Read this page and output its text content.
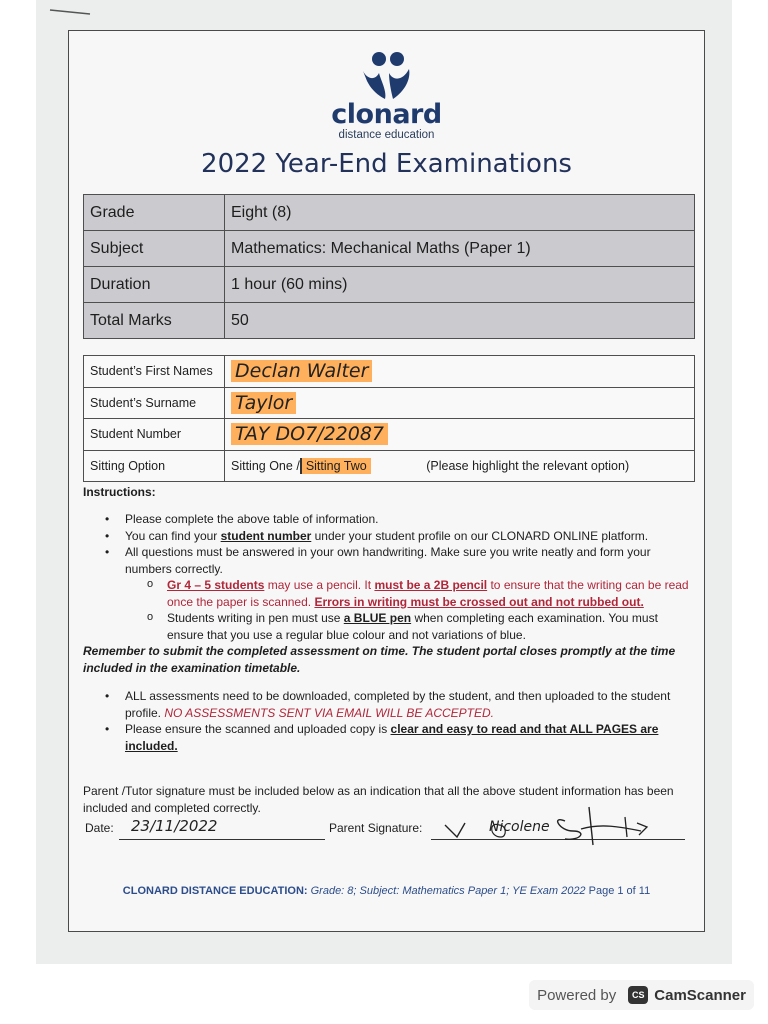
clonard
distance education
2022 Year-End Examinations
Grade	Eight (8)
Subject	Mathematics: Mechanical Maths (Paper 1)
Duration	1 hour (60 mins)
Total Marks	50
Student’s First Names	Declan Walter
Student’s Surname	Taylor
Student Number	TAY DO7/22087
Sitting Option	Sitting One / Sitting Two (Please highlight the relevant option)
Instructions:
• Please complete the above table of information.
• You can find your student number under your student profile on our CLONARD ONLINE platform.
• All questions must be answered in your own handwriting. Make sure you write neatly and form your numbers correctly.
o Gr 4 – 5 students may use a pencil. It must be a 2B pencil to ensure that the writing can be read once the paper is scanned. Errors in writing must be crossed out and not rubbed out.
o Students writing in pen must use a BLUE pen when completing each examination. You must ensure that you use a regular blue colour and not variations of blue.
Remember to submit the completed assessment on time. The student portal closes promptly at the time included in the examination timetable.
• ALL assessments need to be downloaded, completed by the student, and then uploaded to the student profile. NO ASSESSMENTS SENT VIA EMAIL WILL BE ACCEPTED.
• Please ensure the scanned and uploaded copy is clear and easy to read and that ALL PAGES are included.
Parent /Tutor signature must be included below as an indication that all the above student information has been included and completed correctly.
Date: 23/11/2022	Parent Signature:	Nicolene
CLONARD DISTANCE EDUCATION: Grade: 8; Subject: Mathematics Paper 1; YE Exam 2022 Page 1 of 11
Powered by	CS CamScanner
